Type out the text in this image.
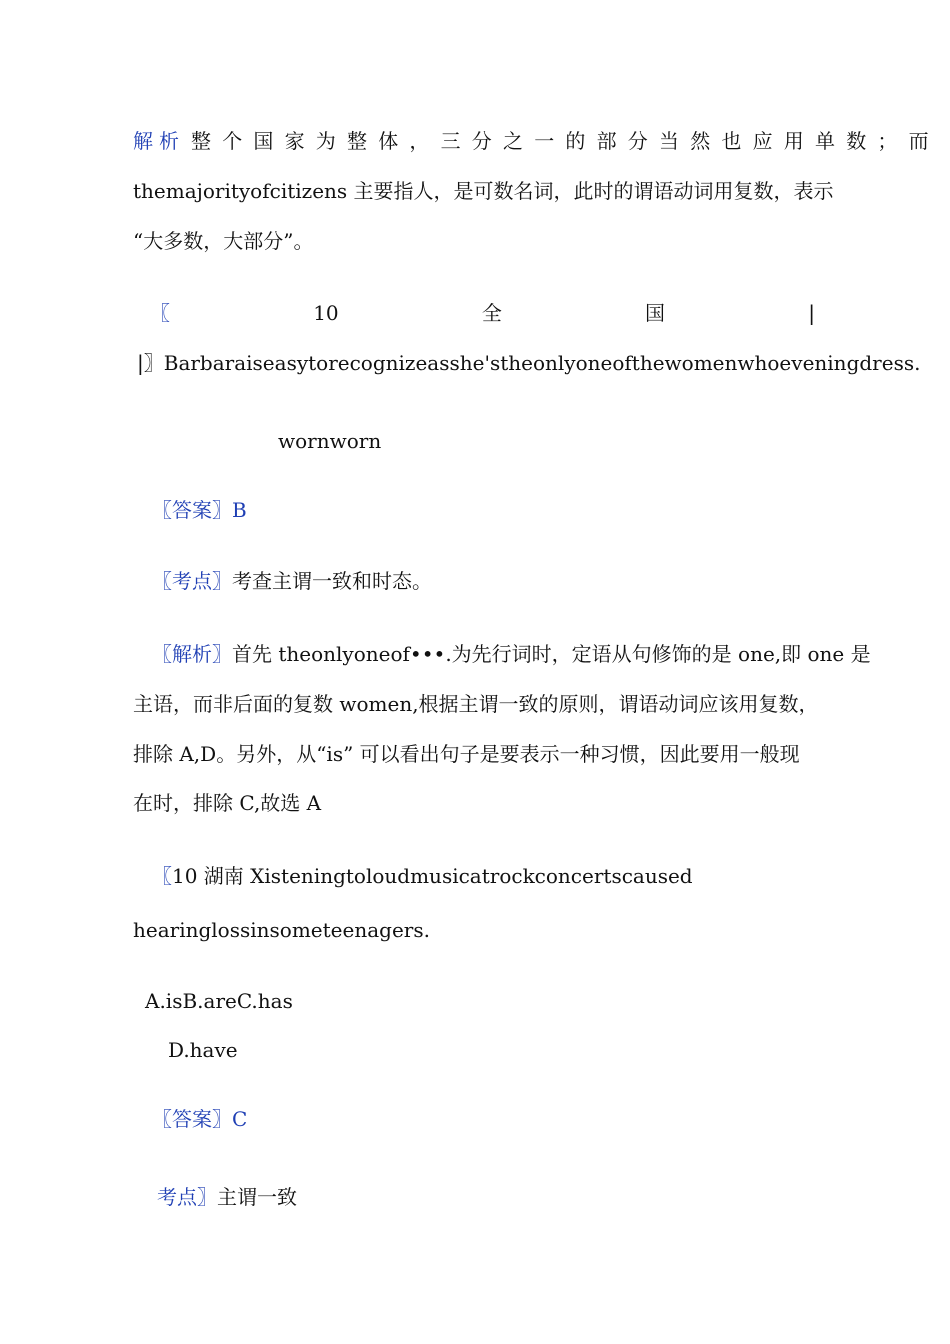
解析 整个国家为整体，三分之一的部分当然也应用单数；而
themajorityofcitizens 主要指人，是可数名词，此时的谓语动词用复数，表示
“大多数，大部分”。
〖	10	全	国	|
|〗Barbaraiseasytorecognizeasshe'stheonlyoneofthewomenwhoeveningdress.
wornworn
〖答案〗B
〖考点〗考查主谓一致和时态。
〖解析〗首先 theonlyoneof•••.为先行词时，定语从句修饰的是 one,即 one 是
主语，而非后面的复数 women,根据主谓一致的原则，谓语动词应该用复数，
排除 A,D。另外，从“is” 可以看出句子是要表示一种习惯，因此要用一般现
在时，排除 C,故选 A
〖10 湖南 Xisteningtoloudmusicatrockconcertscaused
hearinglossinsometeenagers.
A.isB.areC.has
D.have
〖答案〗C
考点〗主谓一致
